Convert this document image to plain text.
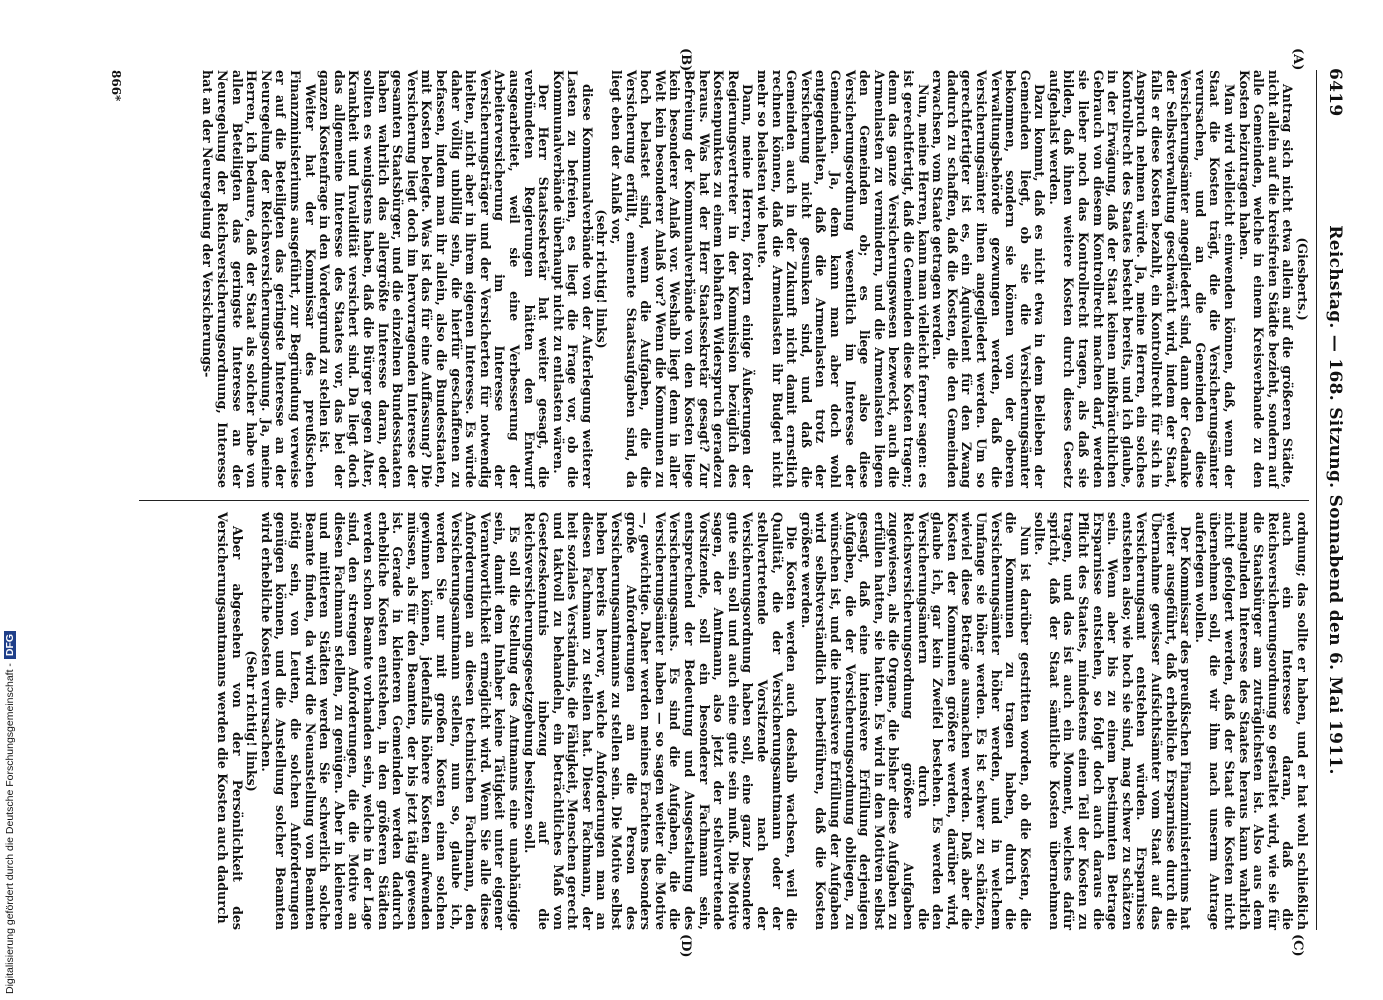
6419
Reichstag. — 168. Sitzung. Sonnabend den 6. Mai 1911.
(A)
(B)
(C)
(D)

(Giesberts.)

Antrag sich nicht etwa allein auf die größeren Städte, nicht allein auf die kreisfreien Städte bezieht, sondern auf alle Gemeinden, welche in einem Kreisverbande zu den Kosten beizutragen haben.

Man wird vielleicht einwenden können, daß, wenn der Staat die Kosten trägt, die die Versicherungsämter verursachen, und an die Gemeinden diese Versicherungsämter angegliedert sind, dann der Gedanke der Selbstverwaltung geschwächt wird, indem der Staat, falls er diese Kosten bezahlt, ein Kontrollrecht für sich in Anspruch nehmen würde. Ja, meine Herren, ein solches Kontrollrecht des Staates besteht bereits, und ich glaube, in der Erwägung, daß der Staat keinen mißbräuchlichen Gebrauch von diesem Kontrollrecht machen darf, werden sie lieber noch das Kontrollrecht tragen, als daß sie bilden, daß ihnen weitere Kosten durch dieses Gesetz aufgehalst werden.

Dazu kommt, daß es nicht etwa in dem Belieben der Gemeinden liegt, ob sie die Versicherungsämter bekommen, sondern sie können von der oberen Verwaltungsbehörde gezwungen werden, daß die Versicherungsämter ihnen angegliedert werden. Um so gerechtfertigter ist es, ein Äquivalent für den Zwang dadurch zu schaffen, daß die Kosten, die den Gemeinden erwachsen, vom Staate getragen werden.

Nun, meine Herren, kann man vielleicht ferner sagen: es ist gerechtfertigt, daß die Gemeinden diese Kosten tragen; denn das ganze Versicherungswesen bezweckt, auch die Armenlasten zu vermindern, und die Armenlasten liegen den Gemeinden ob; es liege also diese Versicherungsordnung wesentlich im Interesse der Gemeinden. Ja, dem kann man aber doch wohl entgegenhalten, daß die Armenlasten trotz der Versicherung nicht gesunken sind, und daß die Gemeinden auch in der Zukunft nicht damit ernstlich rechnen können, daß die Armenlasten ihr Budget nicht mehr so belasten wie heute.

Dann, meine Herren, fordern einige Äußerungen der Regierungsvertreter in der Kommission bezüglich des Kostenpunktes zu einem lebhaften Widerspruch geradezu heraus. Was hat der Herr Staatssekretär gesagt? Zur Befreiung der Kommunalverbände von den Kosten liege kein besonderer Anlaß vor. Weshalb liegt denn in aller Welt kein besonderer Anlaß vor? Wenn die Kommunen zu hoch belastet sind, wenn die Aufgaben, die die Versicherung erfüllt, eminente Staatsaufgaben sind, da liegt eben der Anlaß vor,

(sehr richtig! links)

diese Kommunalverbände von der Auferlegung weiterer Lasten zu befreien, es liegt die Frage vor, ob die Kommunalverbände überhaupt nicht zu entlasten wären.

Der Herr Staatssekretär hat weiter gesagt, die verbündeten Regierungen hätten den Entwurf ausgearbeitet, weil sie eine Verbesserung der Arbeiterversicherung im Interesse der Versicherungsträger und der Versicherten für notwendig hielten, nicht aber in ihrem eigenen Interesse. Es würde daher völlig unbillig sein, die hierfür geschaffenen zu befassen, indem man ihr allein, also die Bundesstaaten, mit Kosten belegte. Was ist das für eine Auffassung? Die Versicherung liegt doch im hervorragenden Interesse der gesamten Staatsbürger, und die einzelnen Bundesstaaten haben wahrlich das allergrößte Interesse daran, oder sollten es wenigstens haben, daß die Bürger gegen Alter, Krankheit und Invalidität versichert sind. Da liegt doch das allgemeine Interesse des Staates vor, das bei der ganzen Kostenfrage in den Vordergrund zu stellen ist.

Weiter hat der Kommissar des preußischen Finanzministeriums ausgeführt, zur Begründung verweise er auf die Beteiligten das geringste Interesse an der Neuregelung der Reichsversicherungsordnung. Ja, meine Herren, ich bedaure, daß der Staat als solcher habe von allen Beteiligten das geringste Interesse an der Neuregelung der Reichsversicherungsordnung, Interesse hat an der Neuregelung der Versicherungs-

ordnung; das sollte er haben, und er hat wohl schließlich auch ein Interesse daran, daß die Reichsversicherungsordnung so gestaltet wird, wie sie für die Staatsbürger am zuträglichsten ist. Also aus dem mangelnden Interesse des Staates heraus kann wahrlich nicht gefolgert werden, daß der Staat die Kosten nicht übernehmen soll, die wir ihm nach unserm Antrage auferlegen wollen.

Der Kommissar des preußischen Finanzministeriums hat weiter ausgeführt, daß erhebliche Ersparnisse durch die Übernahme gewisser Aufsichtsämter vom Staat auf das Versicherungsamt entstehen würden. Ersparnisse entstehen also; wie hoch sie sind, mag schwer zu schätzen sein. Wenn aber bis zu einem bestimmten Betrage Ersparnisse entstehen, so folgt doch auch daraus die Pflicht des Staates, mindestens einen Teil der Kosten zu tragen, und das ist auch ein Moment, welches dafür spricht, daß der Staat sämtliche Kosten übernehmen sollte.

Nun ist darüber gestritten worden, ob die Kosten, die die Kommunen zu tragen haben, durch die Versicherungsämter höher werden, und in welchem Umfange sie höher werden. Es ist schwer zu schätzen, wieviel diese Beträge ausmachen werden. Daß aber die Kosten der Kommunen größere werden, darüber wird, glaube ich, gar kein Zweifel bestehen. Es werden den Versicherungsämtern durch die Reichsversicherungsordnung größere Aufgaben zugewiesen, als die Organe, die bisher diese Aufgaben zu erfüllen hatten, sie hatten. Es wird in den Motiven selbst gesagt, daß eine intensivere Erfüllung derjenigen Aufgaben, die der Versicherungsordnung obliegen, zu wünschen ist, und die intensivere Erfüllung der Aufgaben wird selbstverständlich herbeiführen, daß die Kosten größere werden.

Die Kosten werden auch deshalb wachsen, weil die Qualität, die der Versicherungsamtmann oder der stellvertretende Vorsitzende nach der Versicherungsordnung haben soll, eine ganz besondere gute sein soll und auch eine gute sein muß. Die Motive sagen, der Amtmann, also jetzt der stellvertretende Vorsitzende, soll ein besonderer Fachmann sein, entsprechend der Bedeutung und Ausgestaltung des Versicherungsamts. Es sind die Aufgaben, die die Versicherungsämter haben — so sagen weiter die Motive —, gewichtige. Daher werden meines Erachtens besonders große Anforderungen an die Person des Versicherungsamtmanns zu stellen sein. Die Motive selbst heben bereits hervor, welche Anforderungen man an diesen Fachmann zu stellen hat. Dieser Fachmann, der heit soziales Verständnis, die Fähigkeit, Menschen gerecht und taktvoll zu behandeln, ein beträchtliches Maß von Gesetzeskenntnis inbezug auf die Reichsversicherungsgesetzgebung besitzen soll.

Es soll die Stellung des Amtmanns eine unabhängige sein, damit dem Inhaber keine Tätigkeit unter eigener Verantwortlichkeit ermöglicht wird. Wenn Sie alle diese Anforderungen an diesen technischen Fachmann, den Versicherungsamtmann stellen, nun so, glaube ich, werden Sie nur mit großen Kosten einen solchen gewinnen können, jedenfalls höhere Kosten aufwenden müssen, als für den Beamten, der bis jetzt tätig gewesen ist. Gerade in kleineren Gemeinden werden dadurch erhebliche Kosten entstehen, in den größeren Städten werden schon Beamte vorhanden sein, welche in der Lage sind, den strengen Anforderungen, die die Motive an diesen Fachmann stellen, zu genügen. Aber in kleineren und mittleren Städten werden Sie schwerlich solche Beamte finden, da wird die Neuanstellung von Beamten nötig sein, von Leuten, die solchen Anforderungen genügen können, und die Anstellung solcher Beamten wird erhebliche Kosten verursachen.

(Sehr richtig! links)

Aber abgesehen von der Persönlichkeit des Versicherungsamtmanns werden die Kosten auch dadurch

866*
Digitalisierung gefördert durch die Deutsche Forschungsgemeinschaft -DFG
